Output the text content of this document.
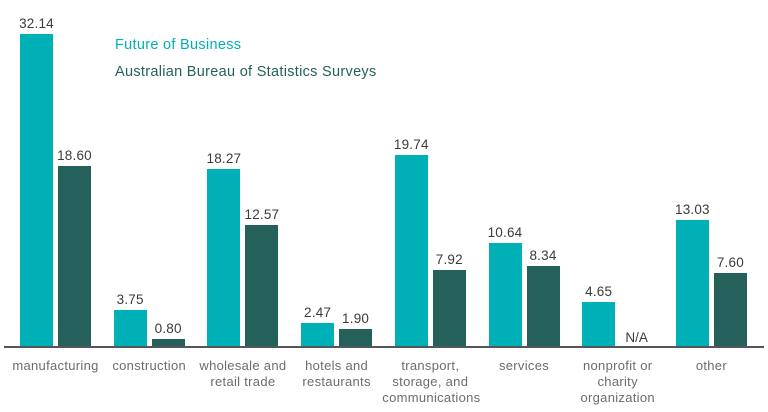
Future of Business
Australian Bureau of Statistics Surveys
32.14
18.60
manufacturing
3.75
0.80
construction
18.27
12.57
wholesale and retail trade
2.47 1.90
hotels and restaurants
19.74
7.92
transport, storage, and communications
10.64
8.34
services
4.65
N/A
nonprofit or charity organization
13.03
7.60
other
